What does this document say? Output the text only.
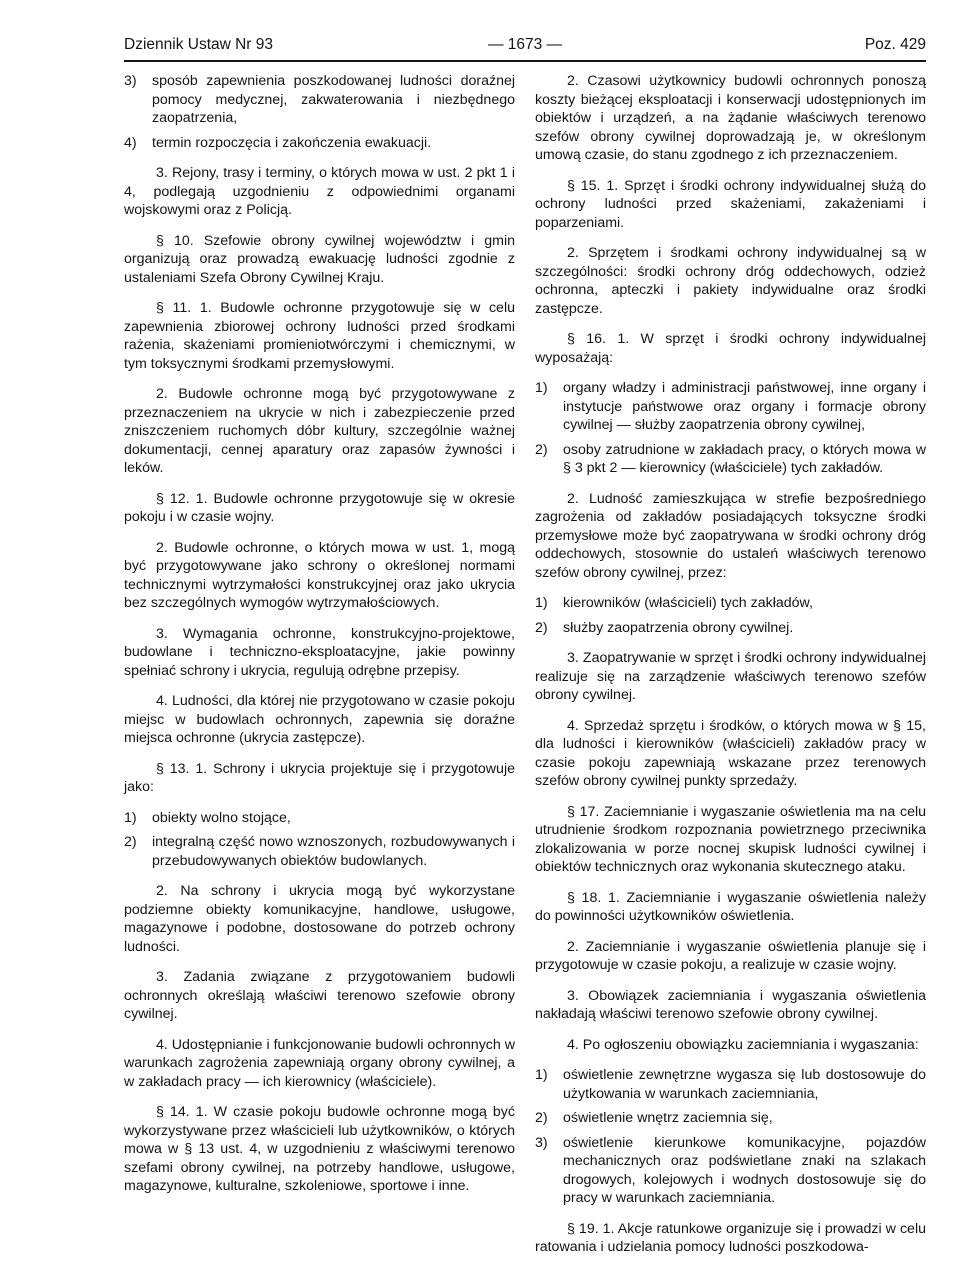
Dziennik Ustaw Nr 93	— 1673 —	Poz. 429
3) sposób zapewnienia poszkodowanej ludności doraźnej pomocy medycznej, zakwaterowania i niezbędnego zaopatrzenia,
4) termin rozpoczęcia i zakończenia ewakuacji.

3. Rejony, trasy i terminy, o których mowa w ust. 2 pkt 1 i 4, podlegają uzgodnieniu z odpowiednimi organami wojskowymi oraz z Policją.

§ 10. Szefowie obrony cywilnej województw i gmin organizują oraz prowadzą ewakuację ludności zgodnie z ustaleniami Szefa Obrony Cywilnej Kraju.

§ 11. 1. Budowle ochronne przygotowuje się w celu zapewnienia zbiorowej ochrony ludności przed środkami rażenia, skażeniami promieniotwórczymi i chemicznymi, w tym toksycznymi środkami przemysłowymi.

2. Budowle ochronne mogą być przygotowywane z przeznaczeniem na ukrycie w nich i zabezpieczenie przed zniszczeniem ruchomych dóbr kultury, szczególnie ważnej dokumentacji, cennej aparatury oraz zapasów żywności i leków.

§ 12. 1. Budowle ochronne przygotowuje się w okresie pokoju i w czasie wojny.

2. Budowle ochronne, o których mowa w ust. 1, mogą być przygotowywane jako schrony o określonej normami technicznymi wytrzymałości konstrukcyjnej oraz jako ukrycia bez szczególnych wymogów wytrzymałościowych.

3. Wymagania ochronne, konstrukcyjno-projektowe, budowlane i techniczno-eksploatacyjne, jakie powinny spełniać schrony i ukrycia, regulują odrębne przepisy.

4. Ludności, dla której nie przygotowano w czasie pokoju miejsc w budowlach ochronnych, zapewnia się doraźne miejsca ochronne (ukrycia zastępcze).

§ 13. 1. Schrony i ukrycia projektuje się i przygotowuje jako:

1) obiekty wolno stojące,
2) integralną część nowo wznoszonych, rozbudowywanych i przebudowywanych obiektów budowlanych.

2. Na schrony i ukrycia mogą być wykorzystane podziemne obiekty komunikacyjne, handlowe, usługowe, magazynowe i podobne, dostosowane do potrzeb ochrony ludności.

3. Zadania związane z przygotowaniem budowli ochronnych określają właściwi terenowo szefowie obrony cywilnej.

4. Udostępnianie i funkcjonowanie budowli ochronnych w warunkach zagrożenia zapewniają organy obrony cywilnej, a w zakładach pracy — ich kierownicy (właściciele).

§ 14. 1. W czasie pokoju budowle ochronne mogą być wykorzystywane przez właścicieli lub użytkowników, o których mowa w § 13 ust. 4, w uzgodnieniu z właściwymi terenowo szefami obrony cywilnej, na potrzeby handlowe, usługowe, magazynowe, kulturalne, szkoleniowe, sportowe i inne.

2. Czasowi użytkownicy budowli ochronnych ponoszą koszty bieżącej eksploatacji i konserwacji udostępnionych im obiektów i urządzeń, a na żądanie właściwych terenowo szefów obrony cywilnej doprowadzają je, w określonym umową czasie, do stanu zgodnego z ich przeznaczeniem.

§ 15. 1. Sprzęt i środki ochrony indywidualnej służą do ochrony ludności przed skażeniami, zakażeniami i poparzeniami.

2. Sprzętem i środkami ochrony indywidualnej są w szczególności: środki ochrony dróg oddechowych, odzież ochronna, apteczki i pakiety indywidualne oraz środki zastępcze.

§ 16. 1. W sprzęt i środki ochrony indywidualnej wyposażają:

1) organy władzy i administracji państwowej, inne organy i instytucje państwowe oraz organy i formacje obrony cywilnej — służby zaopatrzenia obrony cywilnej,
2) osoby zatrudnione w zakładach pracy, o których mowa w § 3 pkt 2 — kierownicy (właściciele) tych zakładów.

2. Ludność zamieszkująca w strefie bezpośredniego zagrożenia od zakładów posiadających toksyczne środki przemysłowe może być zaopatrywana w środki ochrony dróg oddechowych, stosownie do ustaleń właściwych terenowo szefów obrony cywilnej, przez:

1) kierowników (właścicieli) tych zakładów,
2) służby zaopatrzenia obrony cywilnej.

3. Zaopatrywanie w sprzęt i środki ochrony indywidualnej realizuje się na zarządzenie właściwych terenowo szefów obrony cywilnej.

4. Sprzedaż sprzętu i środków, o których mowa w § 15, dla ludności i kierowników (właścicieli) zakładów pracy w czasie pokoju zapewniają wskazane przez terenowych szefów obrony cywilnej punkty sprzedaży.

§ 17. Zaciemnianie i wygaszanie oświetlenia ma na celu utrudnienie środkom rozpoznania powietrznego przeciwnika zlokalizowania w porze nocnej skupisk ludności cywilnej i obiektów technicznych oraz wykonania skutecznego ataku.

§ 18. 1. Zaciemnianie i wygaszanie oświetlenia należy do powinności użytkowników oświetlenia.

2. Zaciemnianie i wygaszanie oświetlenia planuje się i przygotowuje w czasie pokoju, a realizuje w czasie wojny.

3. Obowiązek zaciemniania i wygaszania oświetlenia nakładają właściwi terenowo szefowie obrony cywilnej.

4. Po ogłoszeniu obowiązku zaciemniania i wygaszania:

1) oświetlenie zewnętrzne wygasza się lub dostosowuje do użytkowania w warunkach zaciemniania,
2) oświetlenie wnętrz zaciemnia się,
3) oświetlenie kierunkowe komunikacyjne, pojazdów mechanicznych oraz podświetlane znaki na szlakach drogowych, kolejowych i wodnych dostosowuje się do pracy w warunkach zaciemniania.

§ 19. 1. Akcje ratunkowe organizuje się i prowadzi w celu ratowania i udzielania pomocy ludności poszkodowa-
